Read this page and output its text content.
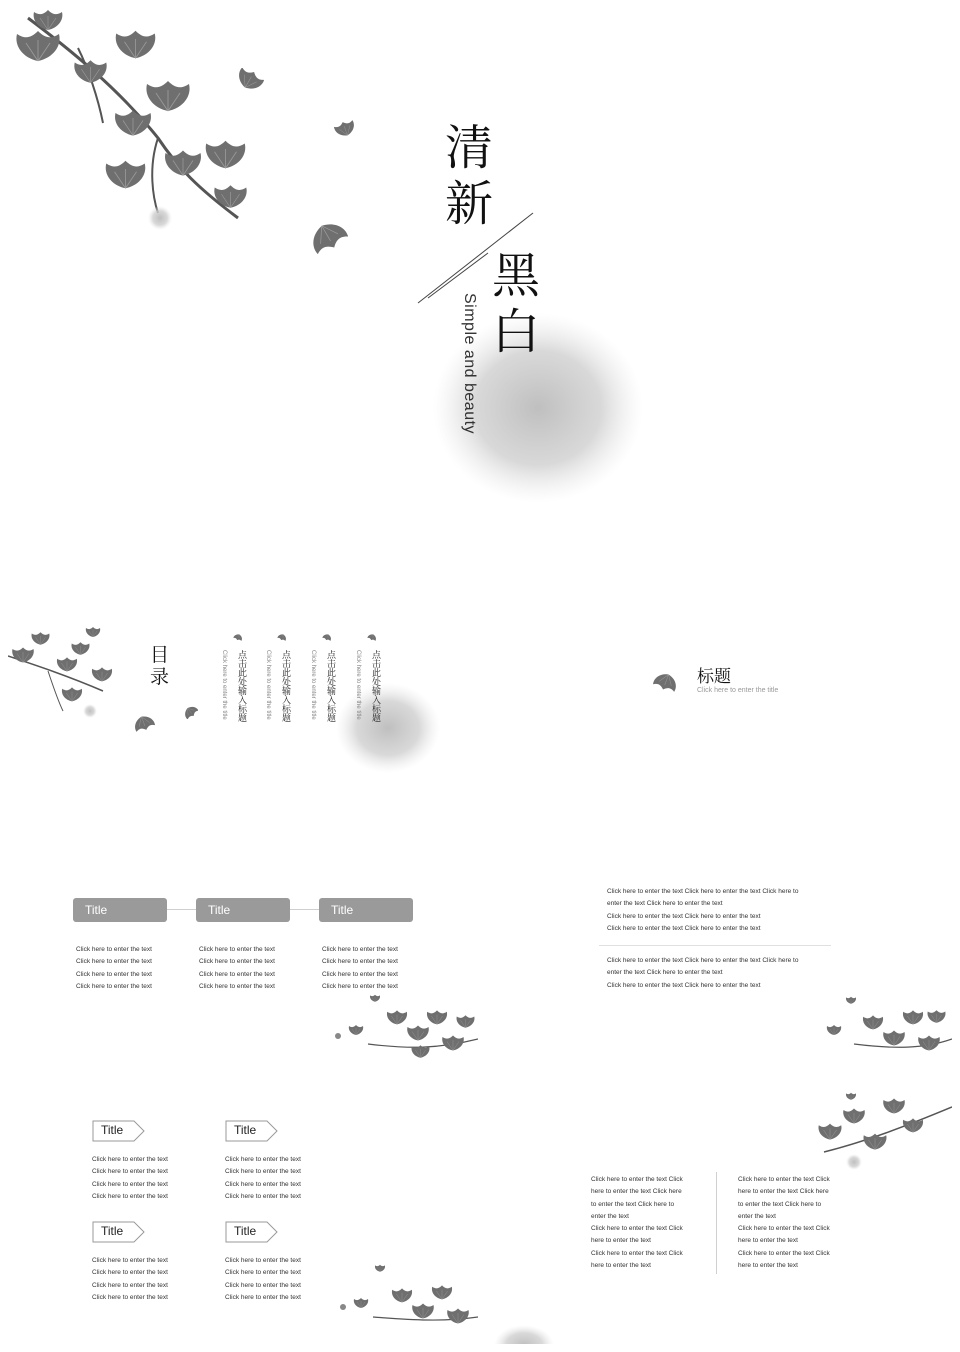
清新
黑白
Simple and beauty
目录	点击此处输入标题
Click here to enter the title	点击此处输入标题
Click here to enter the title	点击此处输入标题
Click here to enter the title	点击此处输入标题
Click here to enter the title	标题
Click here to enter the title
Title
Click here to enter the text
Click here to enter the text
Click here to enter the text
Click here to enter the text
Title
Click here to enter the text
Click here to enter the text
Click here to enter the text
Click here to enter the text
Title
Click here to enter the text
Click here to enter the text
Click here to enter the text
Click here to enter the text
Click here to enter the text Click here to enter the text Click here to
enter the text Click here to enter the text
Click here to enter the text Click here to enter the text
Click here to enter the text Click here to enter the text
Click here to enter the text Click here to enter the text Click here to
enter the text Click here to enter the text
Click here to enter the text Click here to enter the text
Title
Click here to enter the text
Click here to enter the text
Click here to enter the text
Click here to enter the text
Title
Click here to enter the text
Click here to enter the text
Click here to enter the text
Click here to enter the text
Title
Click here to enter the text
Click here to enter the text
Click here to enter the text
Click here to enter the text
Title
Click here to enter the text
Click here to enter the text
Click here to enter the text
Click here to enter the text
Click here to enter the text Click
here to enter the text Click here
to enter the text Click here to
enter the text
Click here to enter the text Click
here to enter the text
Click here to enter the text Click
here to enter the text
Click here to enter the text Click
here to enter the text Click here
to enter the text Click here to
enter the text
Click here to enter the text Click
here to enter the text
Click here to enter the text Click
here to enter the text
